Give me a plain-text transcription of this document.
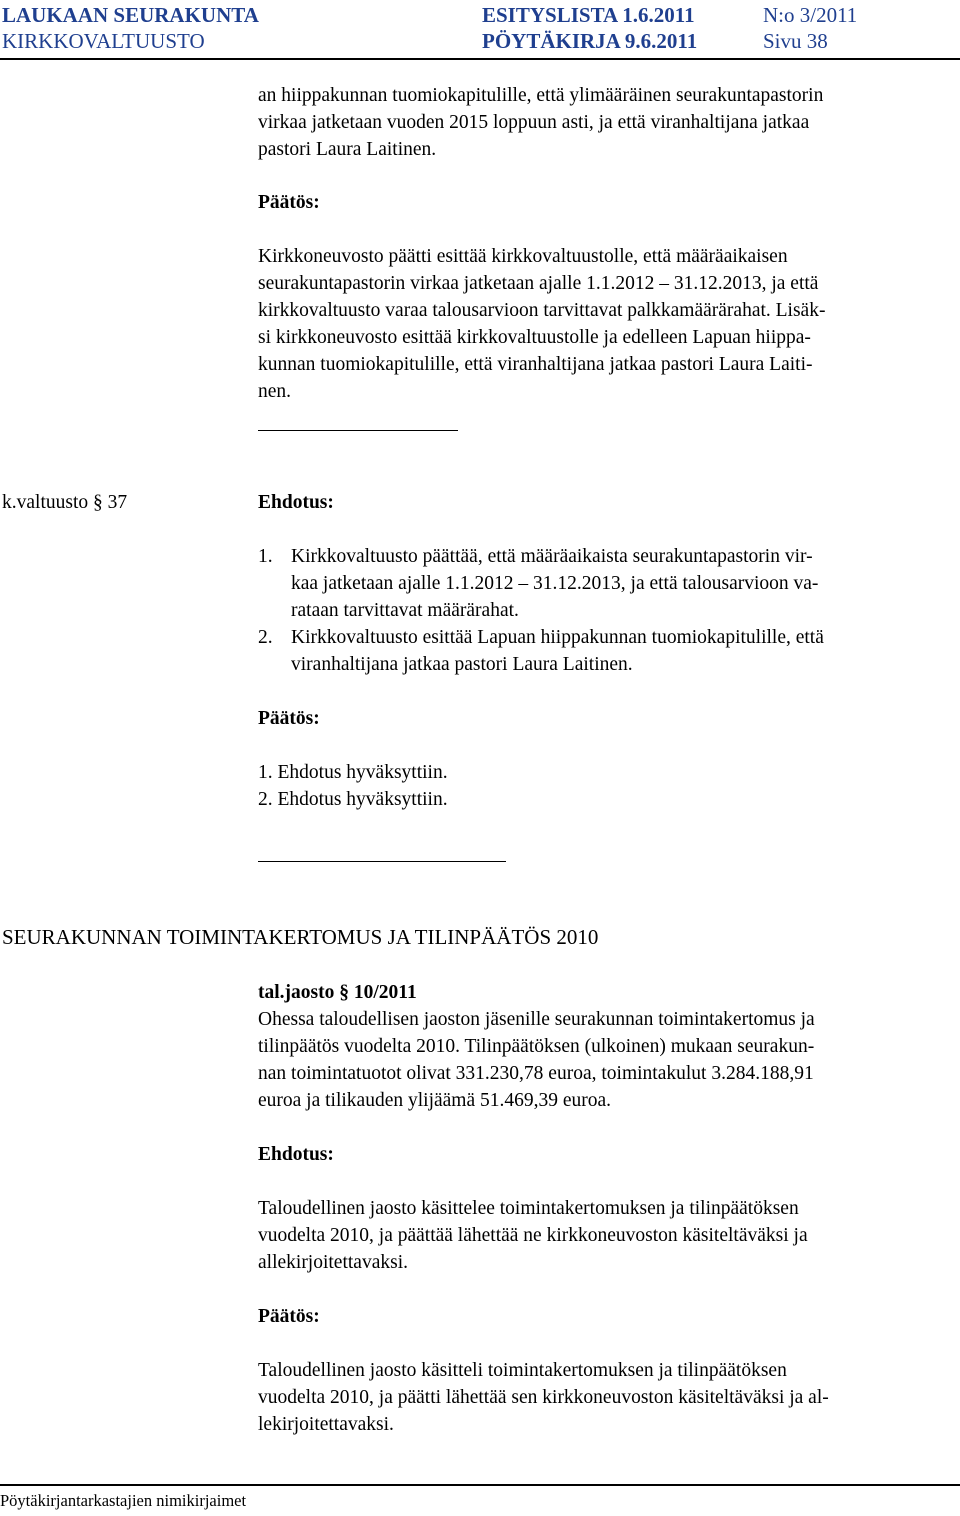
LAUKAAN SEURAKUNTA	ESITYSLISTA 1.6.2011	N:o 3/2011
KIRKKOVALTUUSTO	PÖYTÄKIRJA 9.6.2011	Sivu 38
an hiippakunnan tuomiokapitulille, että ylimääräinen seurakuntapastorin
virkaa jatketaan vuoden 2015 loppuun asti, ja että viranhaltijana jatkaa
pastori Laura Laitinen.
Päätös:
Kirkkoneuvosto päätti esittää kirkkovaltuustolle, että määräaikaisen
seurakuntapastorin virkaa jatketaan ajalle 1.1.2012 – 31.12.2013, ja että
kirkkovaltuusto varaa talousarvioon tarvittavat palkkamäärärahat. Lisäk-
si kirkkoneuvosto esittää kirkkovaltuustolle ja edelleen Lapuan hiippa-
kunnan tuomiokapitulille, että viranhaltijana jatkaa pastori Laura Laiti-
nen.
k.valtuusto § 37	Ehdotus:
1. Kirkkovaltuusto päättää, että määräaikaista seurakuntapastorin vir-
kaa jatketaan ajalle 1.1.2012 – 31.12.2013, ja että talousarvioon va-
rataan tarvittavat määrärahat.
2. Kirkkovaltuusto esittää Lapuan hiippakunnan tuomiokapitulille, että
viranhaltijana jatkaa pastori Laura Laitinen.
Päätös:
1. Ehdotus hyväksyttiin.
2. Ehdotus hyväksyttiin.
SEURAKUNNAN TOIMINTAKERTOMUS JA TILINPÄÄTÖS 2010
tal.jaosto § 10/2011
Ohessa taloudellisen jaoston jäsenille seurakunnan toimintakertomus ja
tilinpäätös vuodelta 2010. Tilinpäätöksen (ulkoinen) mukaan seurakun-
nan toimintatuotot olivat 331.230,78 euroa, toimintakulut 3.284.188,91
euroa ja tilikauden ylijäämä 51.469,39 euroa.
Ehdotus:
Taloudellinen jaosto käsittelee toimintakertomuksen ja tilinpäätöksen
vuodelta 2010, ja päättää lähettää ne kirkkoneuvoston käsiteltäväksi ja
allekirjoitettavaksi.
Päätös:
Taloudellinen jaosto käsitteli toimintakertomuksen ja tilinpäätöksen
vuodelta 2010, ja päätti lähettää sen kirkkoneuvoston käsiteltäväksi ja al-
lekirjoitettavaksi.
Pöytäkirjantarkastajien nimikirjaimet
